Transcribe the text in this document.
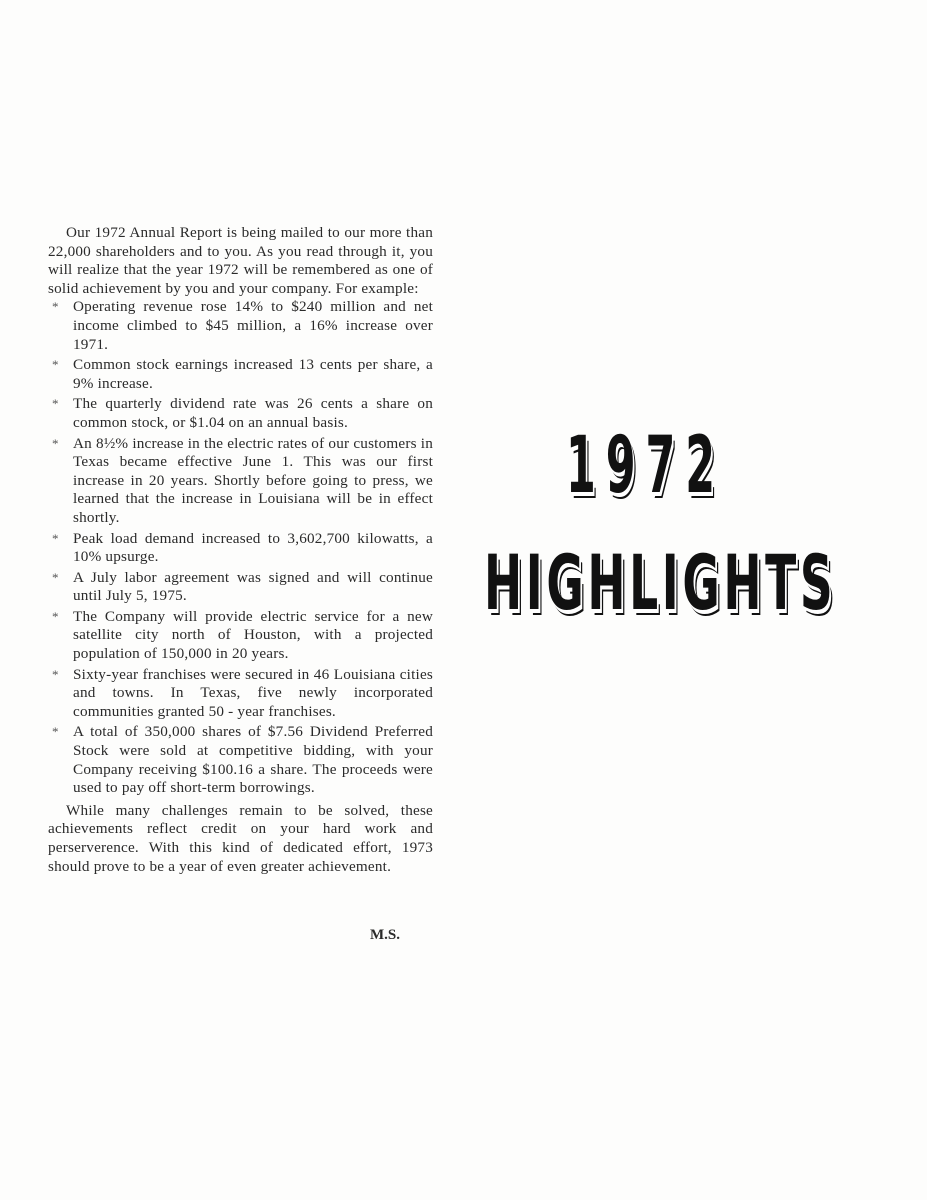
Our 1972 Annual Report is being mailed to our more than 22,000 shareholders and to you. As you read through it, you will realize that the year 1972 will be remembered as one of solid achievement by you and your company. For example:

* Operating revenue rose 14% to $240 million and net income climbed to $45 million, a 16% increase over 1971.
* Common stock earnings increased 13 cents per share, a 9% increase.
* The quarterly dividend rate was 26 cents a share on common stock, or $1.04 on an annual basis.
* An 8½% increase in the electric rates of our customers in Texas became effective June 1. This was our first increase in 20 years. Shortly before going to press, we learned that the increase in Louisiana will be in effect shortly.
* Peak load demand increased to 3,602,700 kilowatts, a 10% upsurge.
* A July labor agreement was signed and will continue until July 5, 1975.
* The Company will provide electric service for a new satellite city north of Houston, with a projected population of 150,000 in 20 years.
* Sixty-year franchises were secured in 46 Louisiana cities and towns. In Texas, five newly incorporated communities granted 50 - year franchises.
* A total of 350,000 shares of $7.56 Dividend Preferred Stock were sold at competitive bidding, with your Company receiving $100.16 a share. The proceeds were used to pay off short-term borrowings.

While many challenges remain to be solved, these achievements reflect credit on your hard work and perserverence. With this kind of dedicated effort, 1973 should prove to be a year of even greater achievement.

M.S.
1972
HIGHLIGHTS
